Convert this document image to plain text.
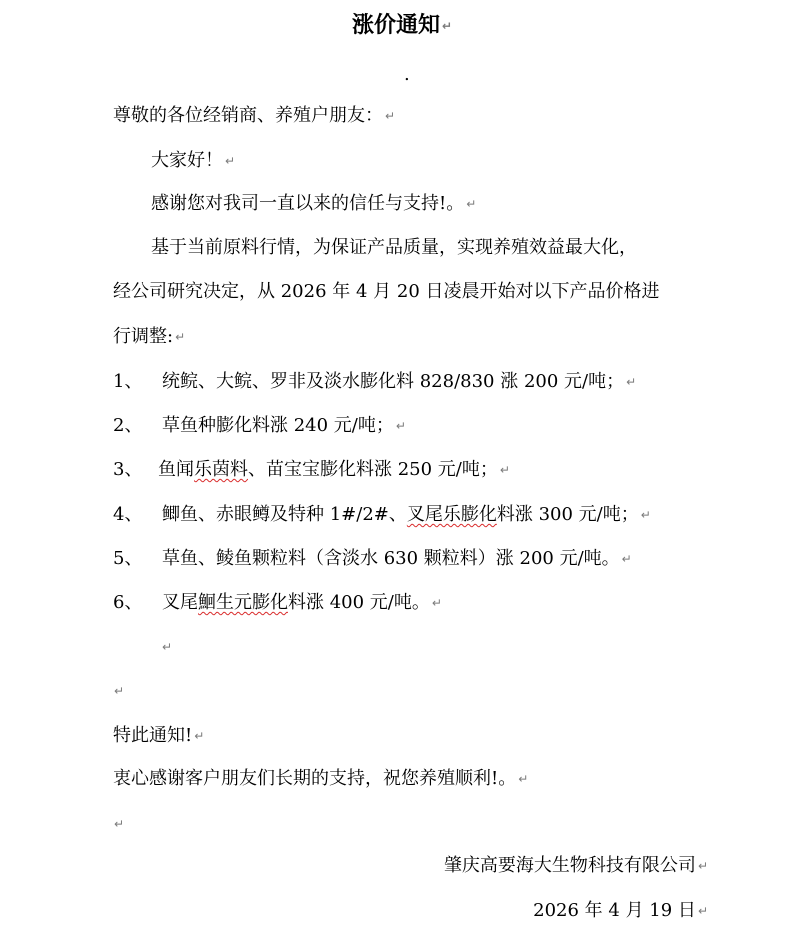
涨价通知 ↵
.
尊敬的各位经销商、养殖户朋友： ↵
大家好！ ↵
感谢您对我司一直以来的信任与支持!。 ↵
基于当前原料行情，为保证产品质量，实现养殖效益最大化，
经公司研究决定，从 2026 年 4 月 20 日凌晨开始对以下产品价格进
行调整: ↵
1、 统鲩、大鲩、罗非及淡水膨化料 828/830 涨 200 元/吨； ↵
2、 草鱼种膨化料涨 240 元/吨； ↵
3、 鱼闻乐茵料、苗宝宝膨化料涨 250 元/吨； ↵
4、 鲫鱼、赤眼鳟及特种 1#/2#、叉尾乐膨化料涨 300 元/吨； ↵
5、 草鱼、鲮鱼颗粒料（含淡水 630 颗粒料）涨 200 元/吨。 ↵
6、 叉尾鮰生元膨化料涨 400 元/吨。 ↵
↵
↵
特此通知! ↵
衷心感谢客户朋友们长期的支持，祝您养殖顺利!。 ↵
↵
肇庆高要海大生物科技有限公司 ↵
2026 年 4 月 19 日 ↵
